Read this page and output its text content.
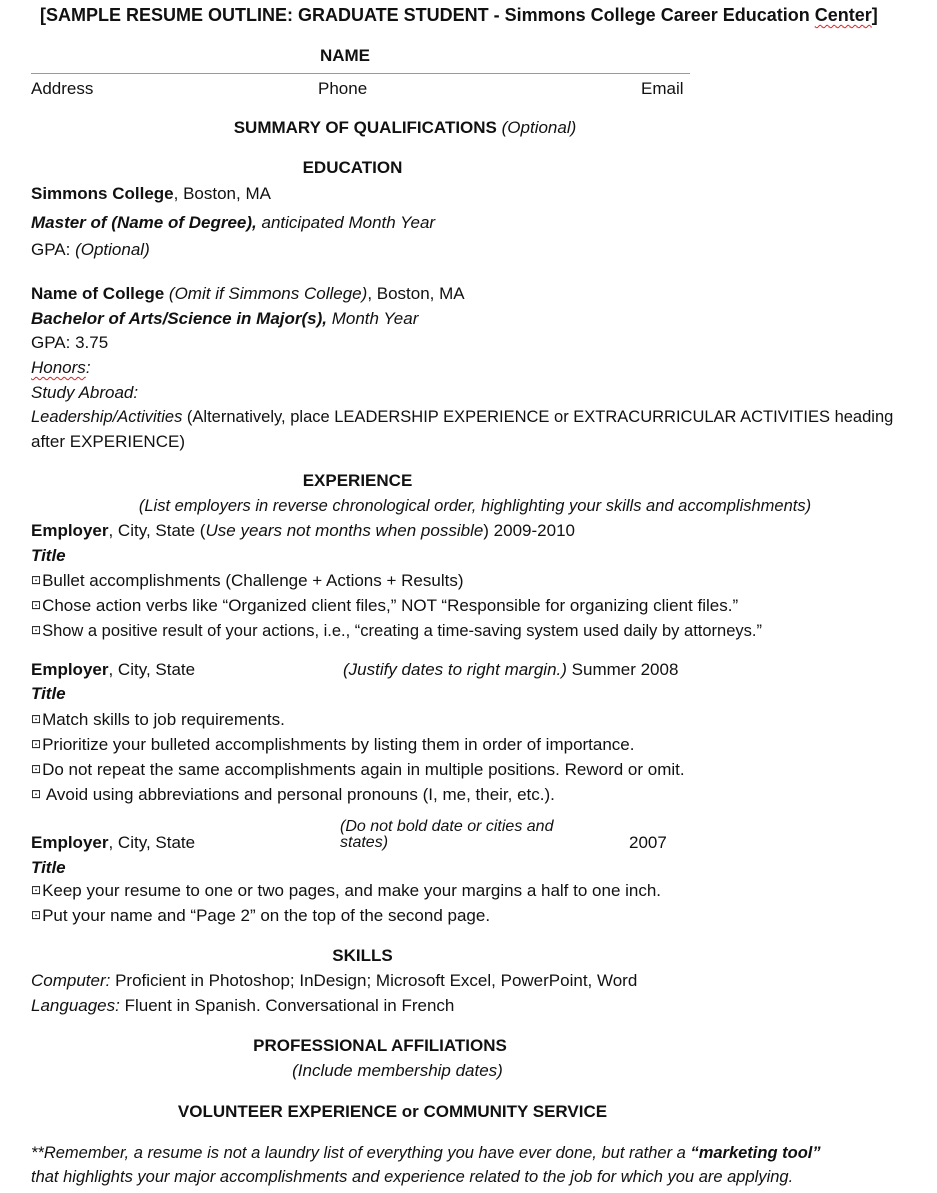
[SAMPLE RESUME OUTLINE: GRADUATE STUDENT - Simmons College Career Education Center]
NAME
Address	Phone	Email
SUMMARY OF QUALIFICATIONS (Optional)
EDUCATION
Simmons College, Boston, MA
Master of (Name of Degree), anticipated Month Year
GPA: (Optional)
Name of College (Omit if Simmons College), Boston, MA
Bachelor of Arts/Science in Major(s), Month Year
GPA: 3.75
Honors:
Study Abroad:
Leadership/Activities (Alternatively, place LEADERSHIP EXPERIENCE or EXTRACURRICULAR ACTIVITIES heading
after EXPERIENCE)
EXPERIENCE
(List employers in reverse chronological order, highlighting your skills and accomplishments)
Employer, City, State (Use years not months when possible) 2009-2010
Title
⊡Bullet accomplishments (Challenge + Actions + Results)
⊡Chose action verbs like “Organized client files,” NOT “Responsible for organizing client files.”
⊡Show a positive result of your actions, i.e., “creating a time-saving system used daily by attorneys.”
Employer, City, State	(Justify dates to right margin.) Summer 2008
Title
⊡Match skills to job requirements.
⊡Prioritize your bulleted accomplishments by listing them in order of importance.
⊡Do not repeat the same accomplishments again in multiple positions. Reword or omit.
⊡ Avoid using abbreviations and personal pronouns (I, me, their, etc.).
Employer, City, State
(Do not bold date or cities and
states)	2007
Title
⊡Keep your resume to one or two pages, and make your margins a half to one inch.
⊡Put your name and “Page 2” on the top of the second page.
SKILLS
Computer: Proficient in Photoshop; InDesign; Microsoft Excel, PowerPoint, Word
Languages: Fluent in Spanish. Conversational in French
PROFESSIONAL AFFILIATIONS
(Include membership dates)
VOLUNTEER EXPERIENCE or COMMUNITY SERVICE
**Remember, a resume is not a laundry list of everything you have ever done, but rather a “marketing tool”
that highlights your major accomplishments and experience related to the job for which you are applying.
